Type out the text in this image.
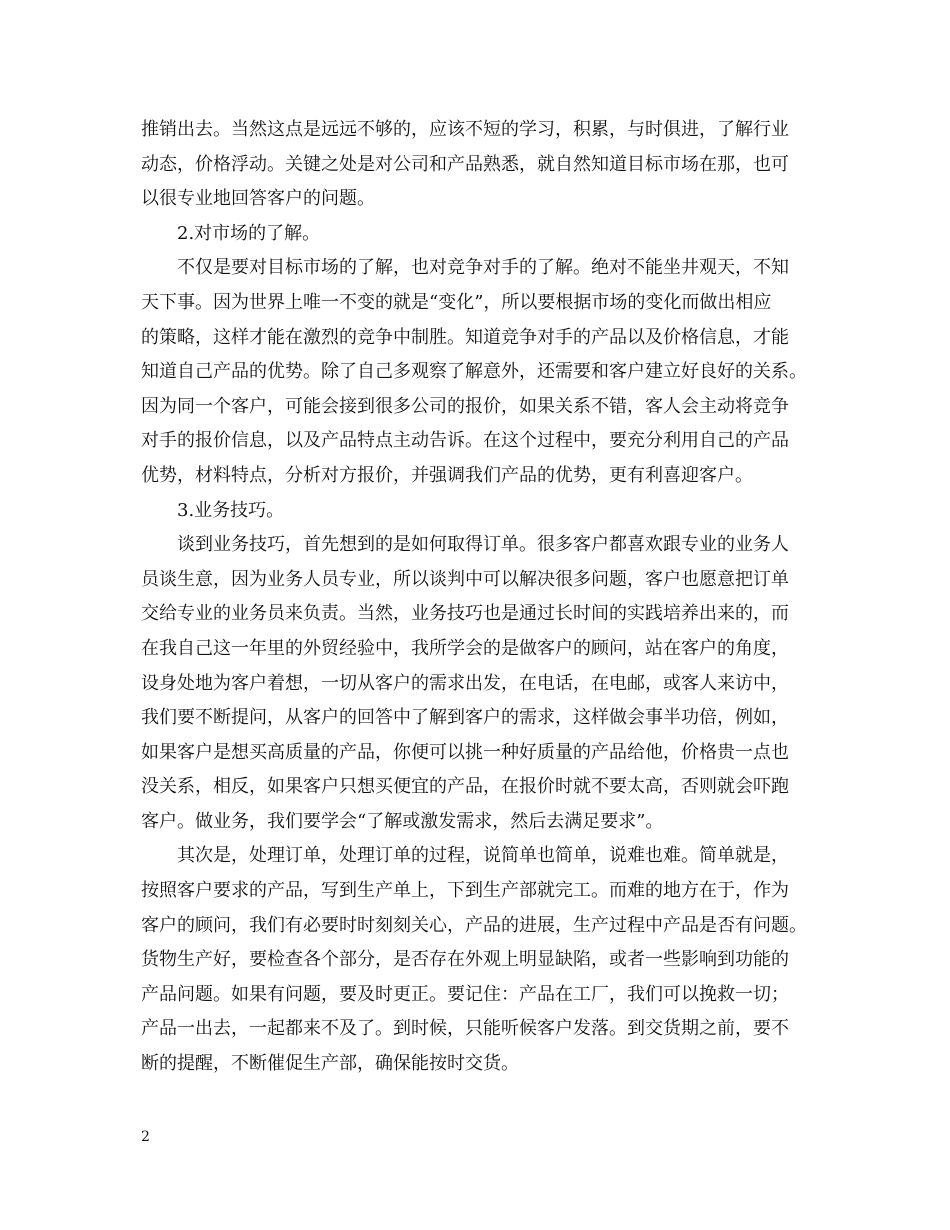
推销出去。当然这点是远远不够的，应该不短的学习，积累，与时俱进，了解行业
动态，价格浮动。关键之处是对公司和产品熟悉，就自然知道目标市场在那，也可
以很专业地回答客户的问题。
2.对市场的了解。
不仅是要对目标市场的了解，也对竞争对手的了解。绝对不能坐井观天，不知
天下事。因为世界上唯一不变的就是“变化”，所以要根据市场的变化而做出相应
的策略，这样才能在激烈的竞争中制胜。知道竞争对手的产品以及价格信息，才能
知道自己产品的优势。除了自己多观察了解意外，还需要和客户建立好良好的关系。
因为同一个客户，可能会接到很多公司的报价，如果关系不错，客人会主动将竞争
对手的报价信息，以及产品特点主动告诉。在这个过程中，要充分利用自己的产品
优势，材料特点，分析对方报价，并强调我们产品的优势，更有利喜迎客户。
3.业务技巧。
谈到业务技巧，首先想到的是如何取得订单。很多客户都喜欢跟专业的业务人
员谈生意，因为业务人员专业，所以谈判中可以解决很多问题，客户也愿意把订单
交给专业的业务员来负责。当然，业务技巧也是通过长时间的实践培养出来的，而
在我自己这一年里的外贸经验中，我所学会的是做客户的顾问，站在客户的角度，
设身处地为客户着想，一切从客户的需求出发，在电话，在电邮，或客人来访中，
我们要不断提问，从客户的回答中了解到客户的需求，这样做会事半功倍，例如，
如果客户是想买高质量的产品，你便可以挑一种好质量的产品给他，价格贵一点也
没关系，相反，如果客户只想买便宜的产品，在报价时就不要太高，否则就会吓跑
客户。做业务，我们要学会“了解或激发需求，然后去满足要求”。
其次是，处理订单，处理订单的过程，说简单也简单，说难也难。简单就是，
按照客户要求的产品，写到生产单上，下到生产部就完工。而难的地方在于，作为
客户的顾问，我们有必要时时刻刻关心，产品的进展，生产过程中产品是否有问题。
货物生产好，要检查各个部分，是否存在外观上明显缺陷，或者一些影响到功能的
产品问题。如果有问题，要及时更正。要记住：产品在工厂，我们可以挽救一切；
产品一出去，一起都来不及了。到时候，只能听候客户发落。到交货期之前，要不
断的提醒，不断催促生产部，确保能按时交货。
2
